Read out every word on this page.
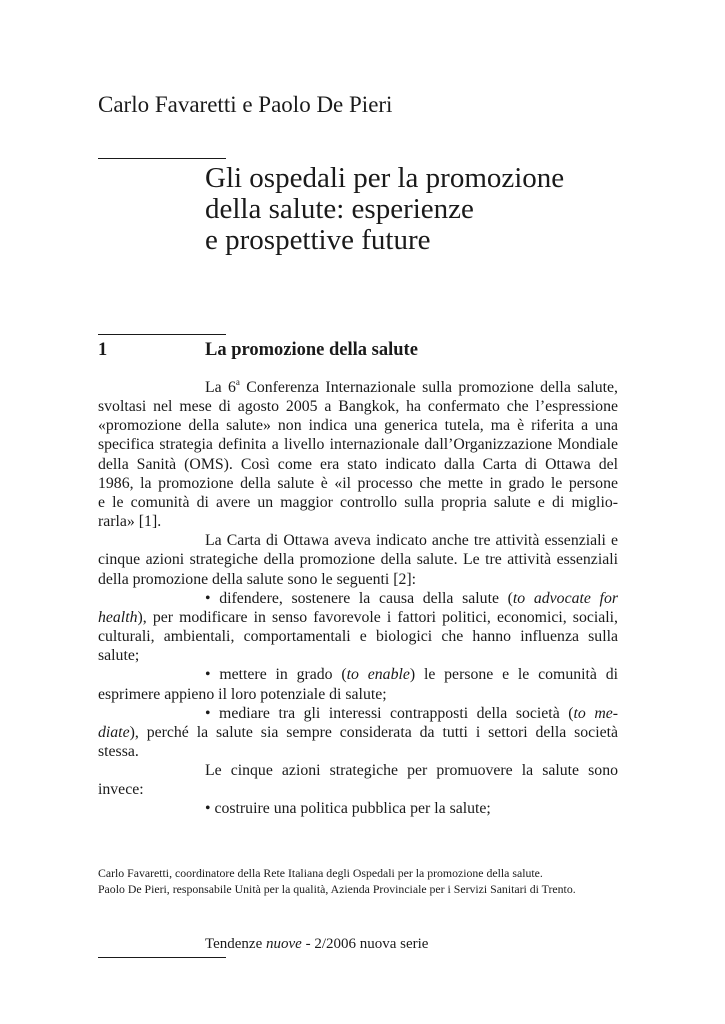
Carlo Favaretti e Paolo De Pieri
Gli ospedali per la promozione
della salute: esperienze
e prospettive future
1	La promozione della salute
La 6$^a$ Conferenza Internazionale sulla promozione della salute,
svoltasi nel mese di agosto 2005 a Bangkok, ha confermato che l’espressione
«promozione della salute» non indica una generica tutela, ma è riferita a una
specifica strategia definita a livello internazionale dall’Organizzazione Mondiale
della Sanità (OMS). Così come era stato indicato dalla Carta di Ottawa del
1986, la promozione della salute è «il processo che mette in grado le persone
e le comunità di avere un maggior controllo sulla propria salute e di miglio-
rarla» [1].
La Carta di Ottawa aveva indicato anche tre attività essenziali e
cinque azioni strategiche della promozione della salute. Le tre attività essenziali
della promozione della salute sono le seguenti [2]:
• difendere, sostenere la causa della salute (to advocate for
health), per modificare in senso favorevole i fattori politici, economici, sociali,
culturali, ambientali, comportamentali e biologici che hanno influenza sulla
salute;
• mettere in grado (to enable) le persone e le comunità di
esprimere appieno il loro potenziale di salute;
• mediare tra gli interessi contrapposti della società (to me-
diate), perché la salute sia sempre considerata da tutti i settori della società
stessa.
Le cinque azioni strategiche per promuovere la salute sono
invece:
• costruire una politica pubblica per la salute;
Carlo Favaretti, coordinatore della Rete Italiana degli Ospedali per la promozione della salute.
Paolo De Pieri, responsabile Unità per la qualità, Azienda Provinciale per i Servizi Sanitari di Trento.
Tendenze nuove - 2/2006 nuova serie
